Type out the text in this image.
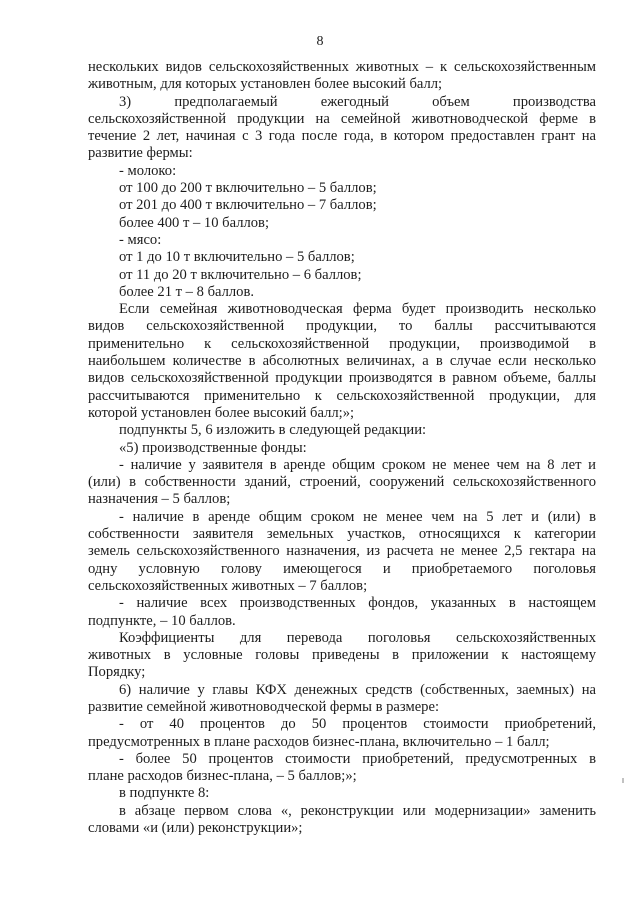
8

нескольких видов сельскохозяйственных животных – к сельскохозяйственным

животным, для которых установлен более высокий балл;

3) предполагаемый ежегодный объем производства

сельскохозяйственной продукции на семейной животноводческой ферме в

течение 2 лет, начиная с 3 года после года, в котором предоставлен грант на

развитие фермы:

- молоко:

от 100 до 200 т включительно – 5 баллов;

от 201 до 400 т включительно – 7 баллов;

более 400 т – 10 баллов;

- мясо:

от 1 до 10 т включительно – 5 баллов;

от 11 до 20 т включительно – 6 баллов;

более 21 т – 8 баллов.

Если семейная животноводческая ферма будет производить несколько

видов сельскохозяйственной продукции, то баллы рассчитываются

применительно к сельскохозяйственной продукции, производимой в

наибольшем количестве в абсолютных величинах, а в случае если несколько

видов сельскохозяйственной продукции производятся в равном объеме, баллы

рассчитываются применительно к сельскохозяйственной продукции, для

которой установлен более высокий балл;»;

подпункты 5, 6 изложить в следующей редакции:

«5) производственные фонды:

- наличие у заявителя в аренде общим сроком не менее чем на 8 лет и

(или) в собственности зданий, строений, сооружений сельскохозяйственного

назначения – 5 баллов;

- наличие в аренде общим сроком не менее чем на 5 лет и (или) в

собственности заявителя земельных участков, относящихся к категории

земель сельскохозяйственного назначения, из расчета не менее 2,5 гектара на

одну условную голову имеющегося и приобретаемого поголовья

сельскохозяйственных животных – 7 баллов;

- наличие всех производственных фондов, указанных в настоящем

подпункте, – 10 баллов.

Коэффициенты для перевода поголовья сельскохозяйственных

животных в условные головы приведены в приложении к настоящему

Порядку;

6) наличие у главы КФХ денежных средств (собственных, заемных) на

развитие семейной животноводческой фермы в размере:

- от 40 процентов до 50 процентов стоимости приобретений,

предусмотренных в плане расходов бизнес-плана, включительно – 1 балл;

- более 50 процентов стоимости приобретений, предусмотренных в

плане расходов бизнес-плана, – 5 баллов;»;

в подпункте 8:

в абзаце первом слова «, реконструкции или модернизации» заменить

словами «и (или) реконструкции»;
